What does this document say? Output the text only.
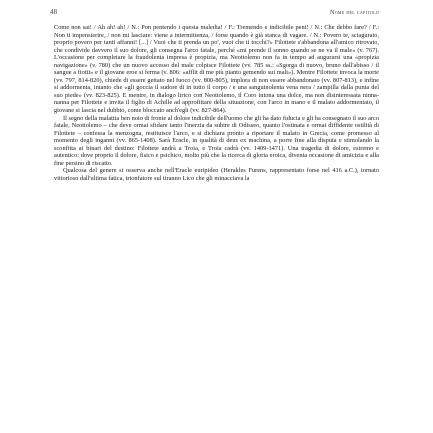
48	Nome del capitolo

Come non sai! / Ah ah! ah! / N.: Pon pentendo i questa maledia! / F.: Tremendo e indicibile peni! / N.: Che debbo fare? / F.: Non ti impensierire, / non mi lasciare: viene a intermittenza, / forse quando è già stanca di vagare. / N.: Povero te, sciagurato, proprio povero per tanti affanni! [...] / Vuoi che ti prenda un po', vuoi che ti tocchi?» Filottete s'abbandona all'amico ritrovato, che condivide davvero il suo dolore, gli consegna l'arco fatale, perché «mi prende il sonno quando se ne va il male» (v. 767). L'occasione per completare la fraudolenta impresa è propizia, ma Neottolemo non fa in tempo ad augurarsi una «propizia navigazione» (v. 780) che un nuovo accesso del male colpisce Filottete (vv. 785 ss.: «Sgorga di nuovo, bruno dall'abisso / il sangue a fiotti» e il giovane eroe si ferma (v. 806: «afflit di me più pianto gemendo sui mali»). Mentre Filottete invoca la morte (vv. 797, 814-820), chiede di essere gettato nel fuoco (vv. 800-805), implora di non essere abbandonato (vv. 807-813), e infine si addormenta, intanto che «gli goccia il sudore di in tutto il corpo / e una sanguinolenta vena nera / zampilla dalla punta del suo piede» (vv. 823-825). E mentre, in dialogo lirico con Neottolemo, il Coro intona una dolce, ma non disinteressata ninna-nanna per Filottete e invita il figlio di Achille ad approfittare della situazione, con l'arco in mano e il malato addormentato, il giovane si lascia nel dubbio, come bloccato anch'egli (vv. 827-864).

Il segno della malattia ben noto di fronte al dolore indicibile dell'uomo che gli ha dato fiducia e gli ha consegnato il suo arco fatale, Neottolemo – che deve ormai sfidare tanto l'inerzia da subire di Odisseo, quanto l'ostinata e ormai diffidente ostilità di Filottete – confessa la menzogna, restituisce l'arco, e si dichiara pronto a riportare il malato in Grecia, come promesso al momento degli inganni (vv. 865-1408). Sarà Eracle, in qualità di deus ex machina, a porre fine alla disputa e stimolando la sconfitta ai binari del destino: Filottete andrà a Troia, e Troia cadrà (vv. 1409-1471). Una tragedia di dolore, estremo e autentico: dove proprio il dolore, fisico e psichico, molto più che la ricerca di gloria eroica, diventa occasione di amicizia e alla fine persino di riscatto.

Qualcosa del genere si osserva anche nell'Eracle euripideo (Herakles Furens, rappresentato forse nel 416 a.C.), tornato vittorioso dall'ultima fatica, trionfatore sul tiranno Lico che gli minacciava la
